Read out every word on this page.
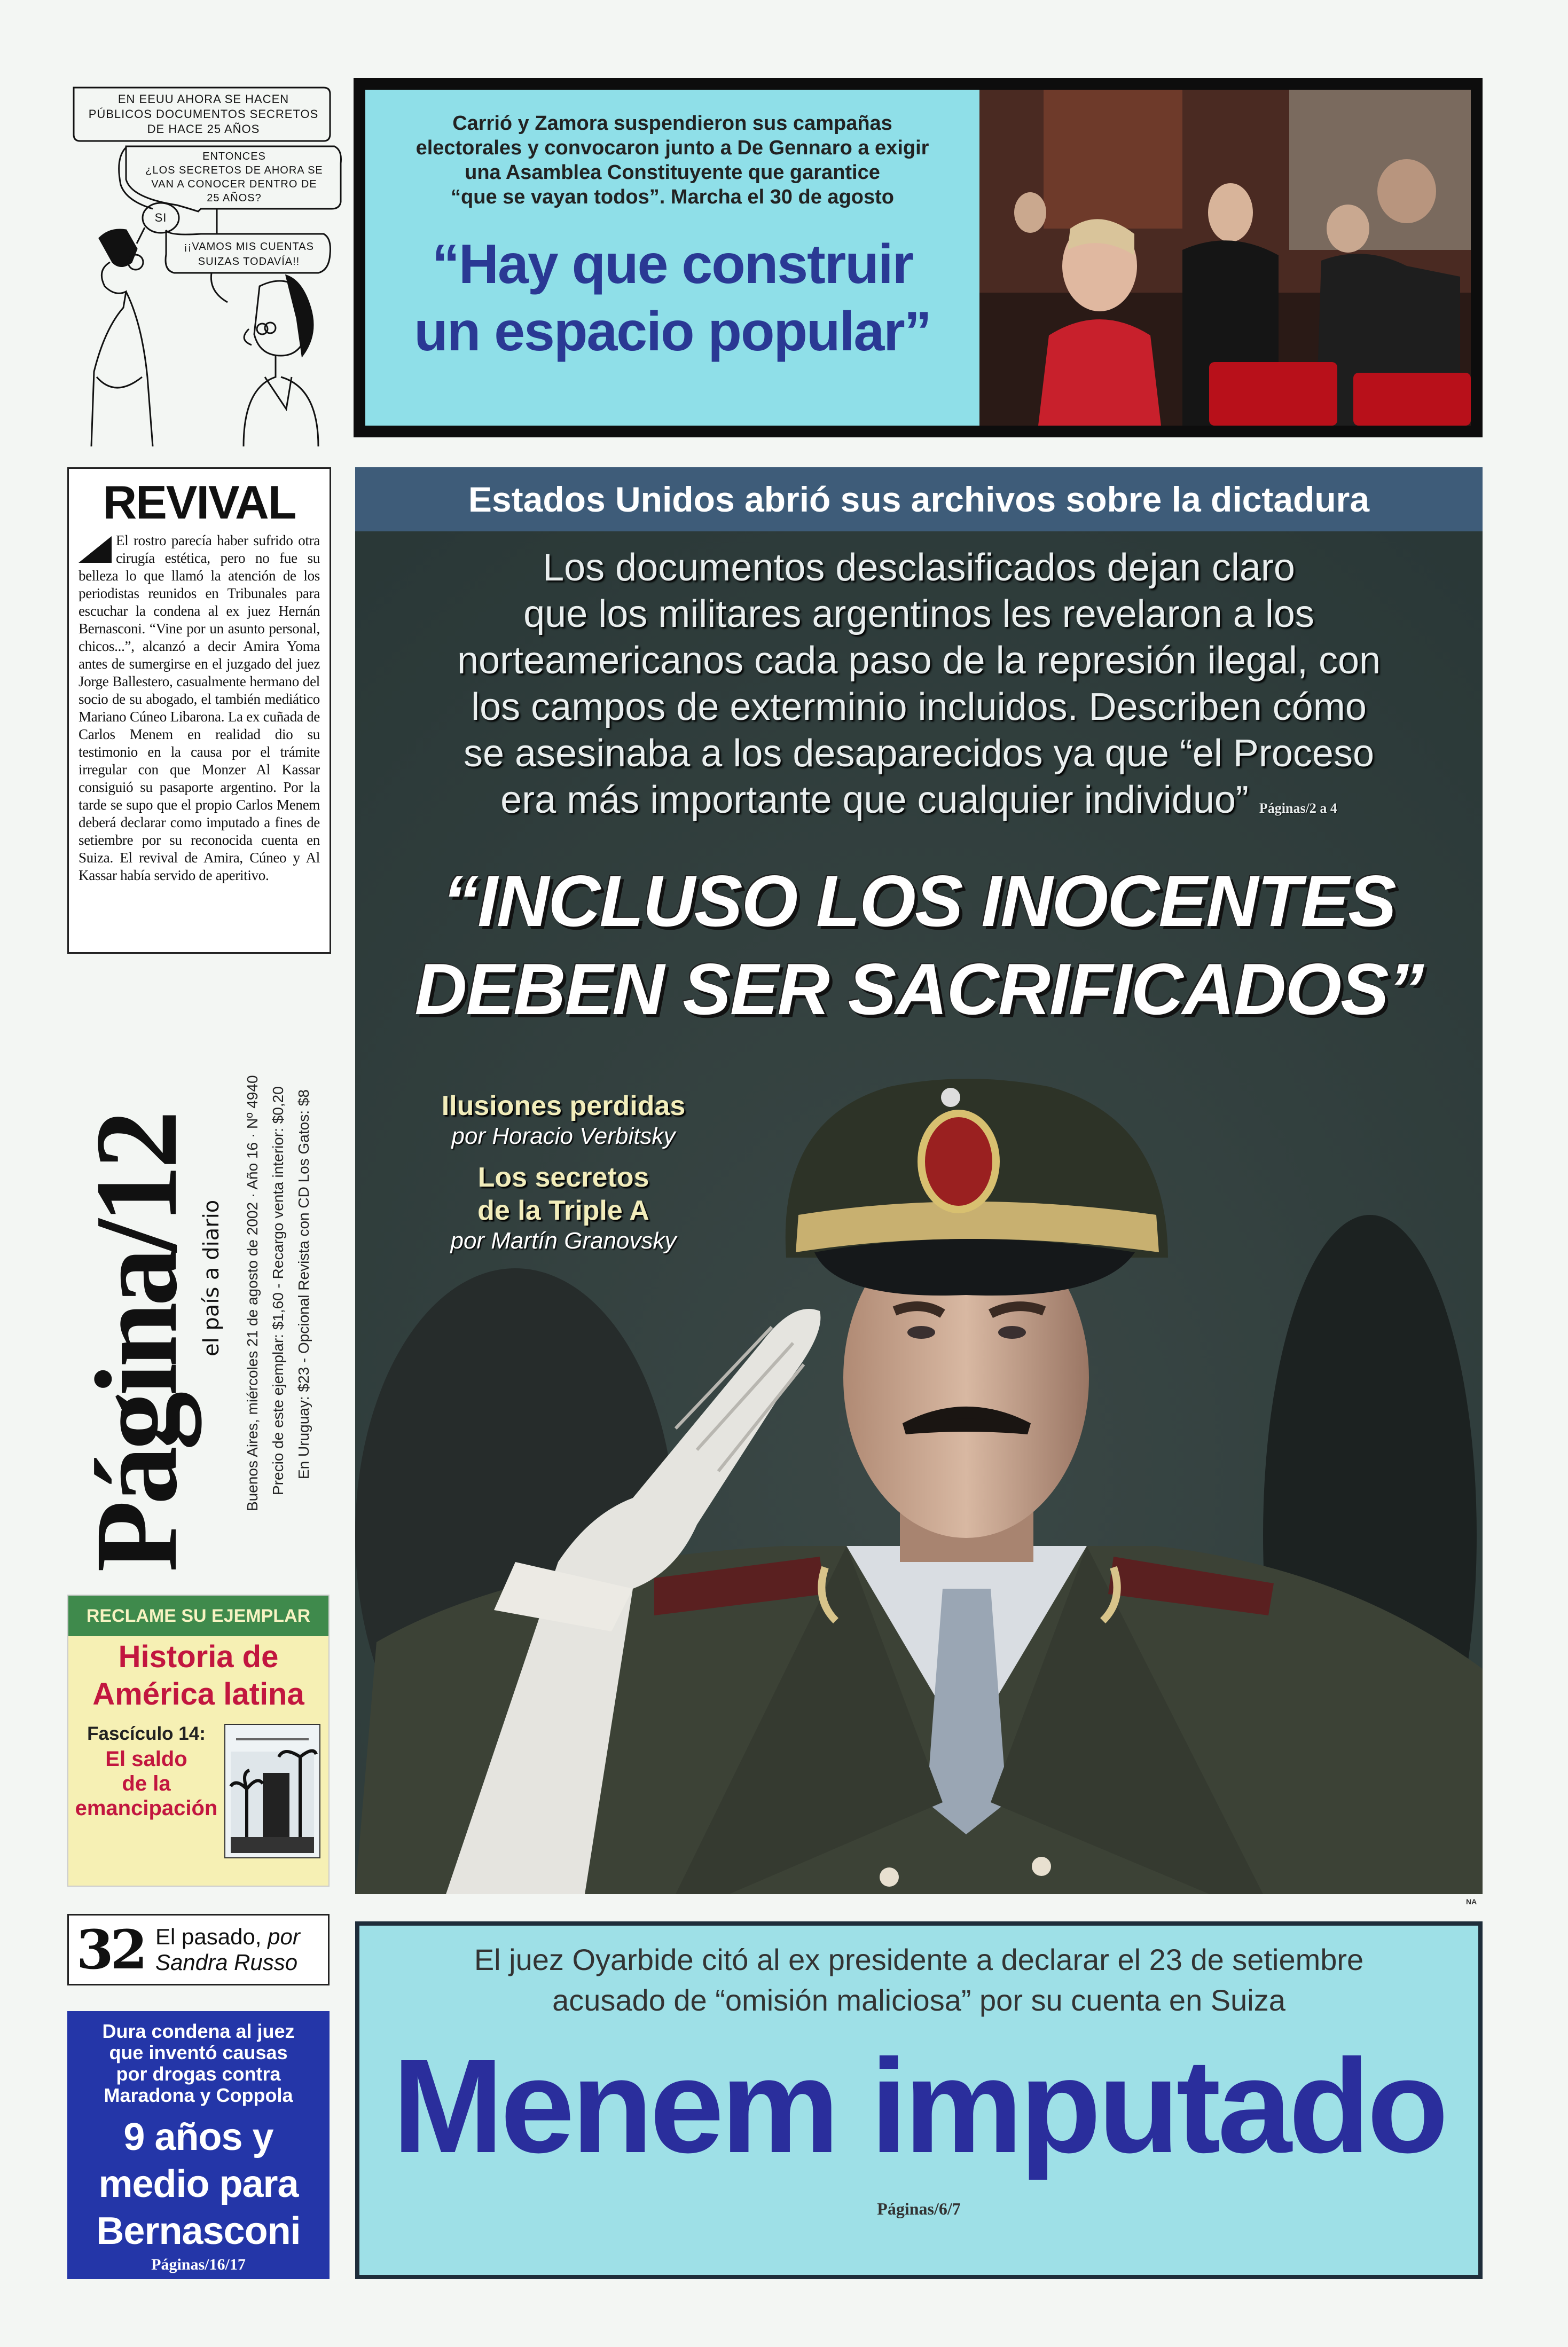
EN EEUU AHORA SE HACEN
PÚBLICOS DOCUMENTOS SECRETOS
DE HACE 25 AÑOS
ENTONCES
¿LOS SECRETOS DE AHORA SE
VAN A CONOCER DENTRO DE
25 AÑOS?
SI
¡¡VAMOS MIS CUENTAS
SUIZAS TODAVÍA!!
Carrió y Zamora suspendieron sus campañas
electorales y convocaron junto a De Gennaro a exigir
una Asamblea Constituyente que garantice
“que se vayan todos”. Marcha el 30 de agosto
“Hay que construir
un espacio popular”
REVIVAL

El rostro parecía haber sufrido otra cirugía estética, pero no fue su belleza lo que llamó la atención de los periodistas reunidos en Tribunales para escuchar la condena al ex juez Hernán Bernasconi. “Vine por un asunto personal, chicos...”, alcanzó a decir Amira Yoma antes de sumergirse en el juzgado del juez Jorge Ballestero, casualmente hermano del socio de su abogado, el también mediático Mariano Cúneo Libarona. La ex cuñada de Carlos Menem en realidad dio su testimonio en la causa por el trámite irregular con que Monzer Al Kassar consiguió su pasaporte argentino. Por la tarde se supo que el propio Carlos Menem deberá declarar como imputado a fines de setiembre por su reconocida cuenta en Suiza. El revival de Amira, Cúneo y Al Kassar había servido de aperitivo.

Página/12
el país a diario Buenos Aires, miércoles 21 de agosto de 2002 · Año 16 · Nº 4940 Precio de este ejemplar: $1,60 - Recargo venta interior: $0,20 En Uruguay: $23 - Opcional Revista con CD Los Gatos: $8
RECLAME SU EJEMPLAR
Historia de
América latina
Fascículo 14:
El saldo
de la
emancipación
32 El pasado, por
Sandra Russo
Dura condena al juez
que inventó causas
por drogas contra
Maradona y Coppola
9 años y
medio para
Bernasconi
Páginas/16/17
Estados Unidos abrió sus archivos sobre la dictadura
Los documentos desclasificados dejan claro
que los militares argentinos les revelaron a los
norteamericanos cada paso de la represión ilegal, con
los campos de exterminio incluidos. Describen cómo
se asesinaba a los desaparecidos ya que “el Proceso
era más importante que cualquier individuo” Páginas/2 a 4
“INCLUSO LOS INOCENTES
DEBEN SER SACRIFICADOS”
Ilusiones perdidas
por Horacio Verbitsky
Los secretos
de la Triple A
por Martín Granovsky
NA
El juez Oyarbide citó al ex presidente a declarar el 23 de setiembre
acusado de “omisión maliciosa” por su cuenta en Suiza
Menem imputado
Páginas/6/7
